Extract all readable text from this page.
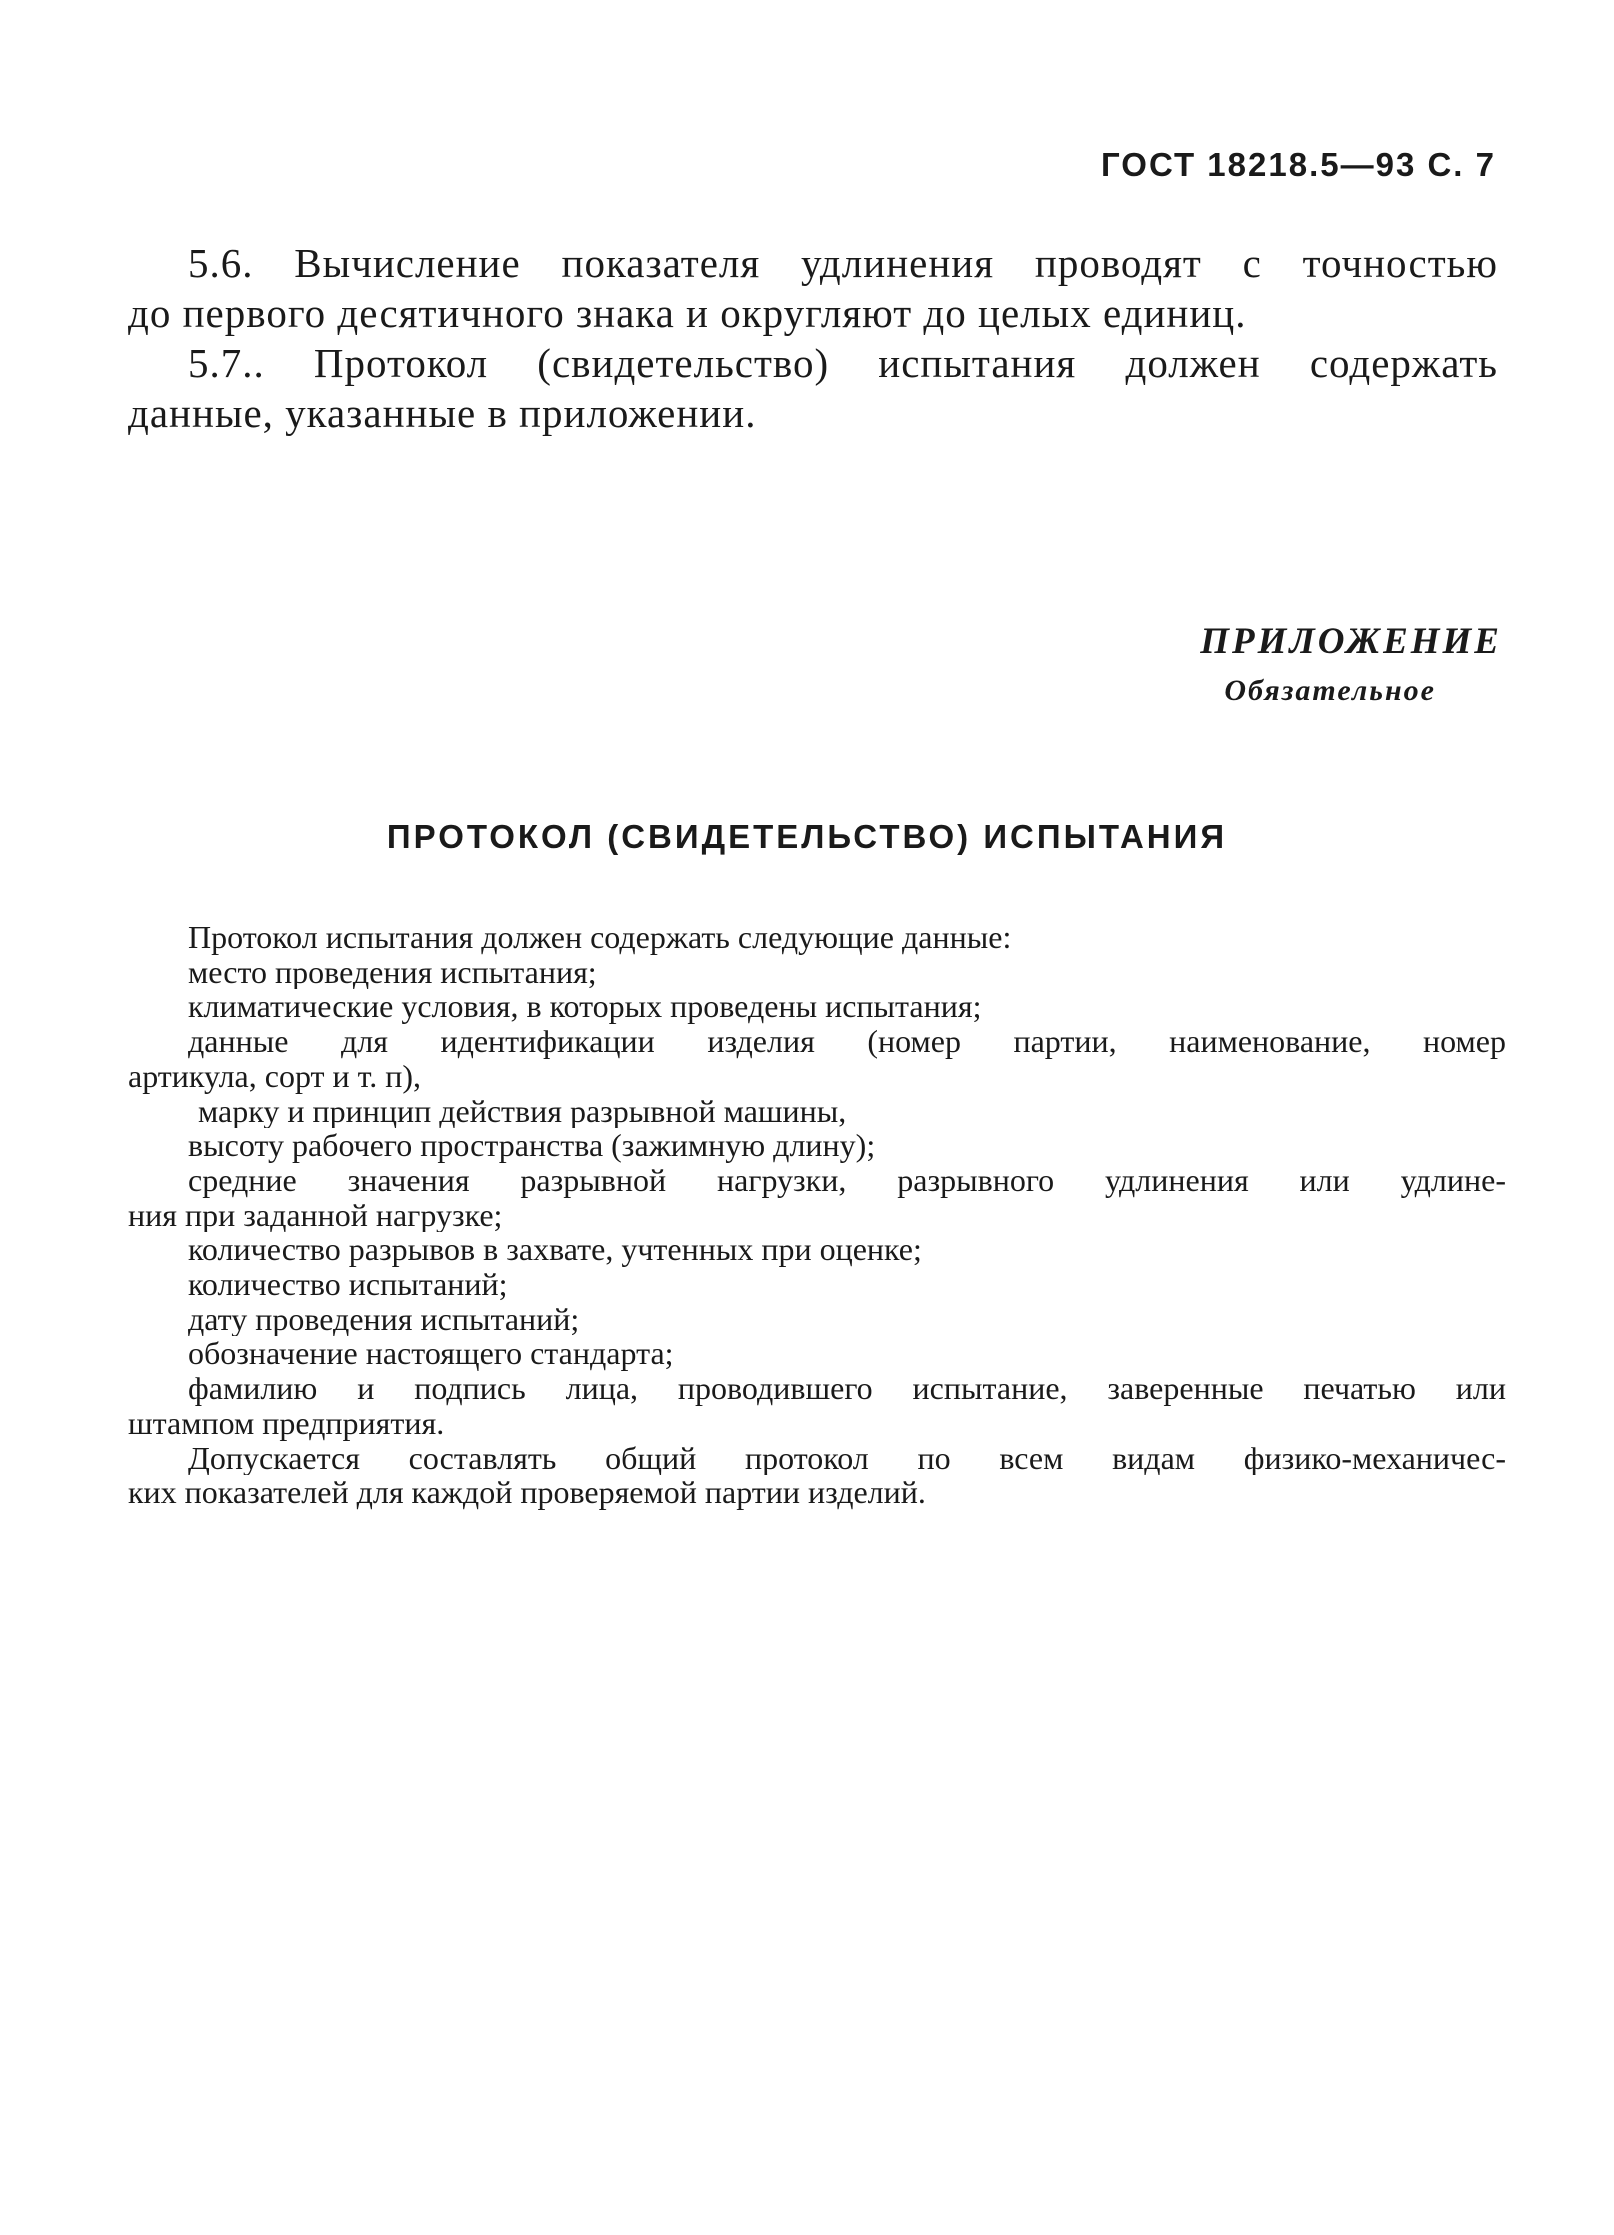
ГОСТ 18218.5—93 С. 7

5.6. Вычисление показателя удлинения проводят с точностью

до первого десятичного знака и округляют до целых единиц.

5.7.. Протокол (свидетельство) испытания должен содержать

данные, указанные в приложении.

ПРИЛОЖЕНИЕ
Обязательное
ПРОТОКОЛ (СВИДЕТЕЛЬСТВО) ИСПЫТАНИЯ

Протокол испытания должен содержать следующие данные:

место проведения испытания;

климатические условия, в которых проведены испытания;

данные для идентификации изделия (номер партии, наименование, номер

артикула, сорт и т. п),

марку и принцип действия разрывной машины,

высоту рабочего пространства (зажимную длину);

средние значения разрывной нагрузки, разрывного удлинения или удлине-

ния при заданной нагрузке;

количество разрывов в захвате, учтенных при оценке;

количество испытаний;

дату проведения испытаний;

обозначение настоящего стандарта;

фамилию и подпись лица, проводившего испытание, заверенные печатью или

штампом предприятия.

Допускается составлять общий протокол по всем видам физико-механичес-

ких показателей для каждой проверяемой партии изделий.
